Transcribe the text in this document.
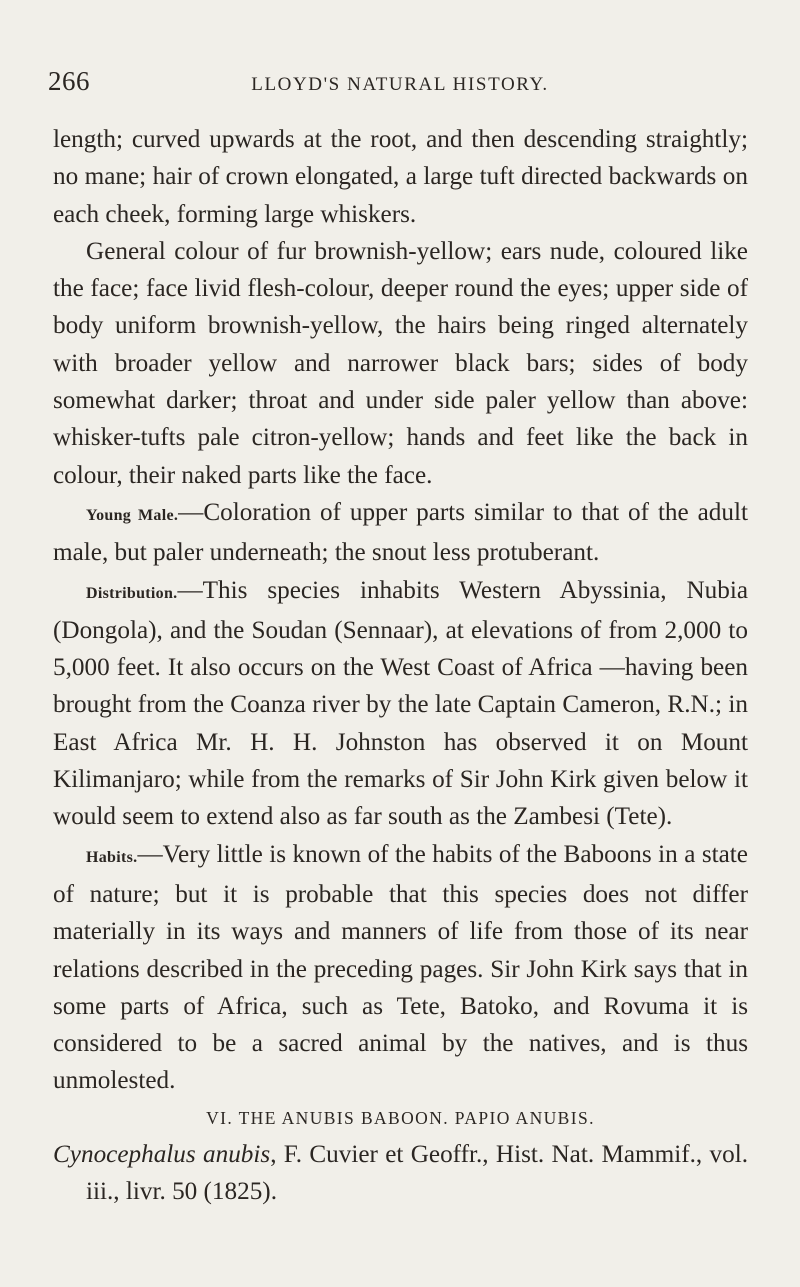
266	LLOYD'S NATURAL HISTORY.

length; curved upwards at the root, and then descending straightly; no mane; hair of crown elongated, a large tuft directed backwards on each cheek, forming large whiskers.

General colour of fur brownish-yellow; ears nude, coloured like the face; face livid flesh-colour, deeper round the eyes; upper side of body uniform brownish-yellow, the hairs being ringed alternately with broader yellow and narrower black bars; sides of body somewhat darker; throat and under side paler yellow than above: whisker-tufts pale citron-yellow; hands and feet like the back in colour, their naked parts like the face.

Young Male.—Coloration of upper parts similar to that of the adult male, but paler underneath; the snout less protuberant.

Distribution.—This species inhabits Western Abyssinia, Nubia (Dongola), and the Soudan (Sennaar), at elevations of from 2,000 to 5,000 feet. It also occurs on the West Coast of Africa —having been brought from the Coanza river by the late Captain Cameron, R.N.; in East Africa Mr. H. H. Johnston has observed it on Mount Kilimanjaro; while from the remarks of Sir John Kirk given below it would seem to extend also as far south as the Zambesi (Tete).

Habits.—Very little is known of the habits of the Baboons in a state of nature; but it is probable that this species does not differ materially in its ways and manners of life from those of its near relations described in the preceding pages. Sir John Kirk says that in some parts of Africa, such as Tete, Batoko, and Rovuma it is considered to be a sacred animal by the natives, and is thus unmolested.

VI. THE ANUBIS BABOON. PAPIO ANUBIS.

Cynocephalus anubis, F. Cuvier et Geoffr., Hist. Nat. Mammif., vol. iii., livr. 50 (1825).
